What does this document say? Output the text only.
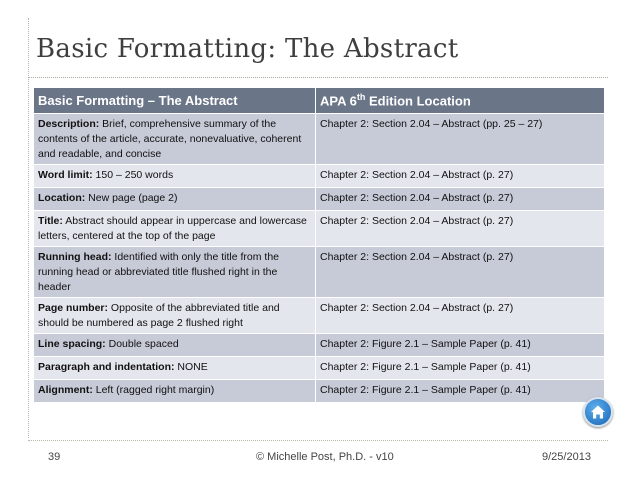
Basic Formatting: The Abstract
Basic Formatting – The Abstract	APA 6th Edition Location
Description: Brief, comprehensive summary of the contents of the article, accurate, nonevaluative, coherent and readable, and concise	Chapter 2: Section 2.04 – Abstract (pp. 25 – 27)
Word limit: 150 – 250 words	Chapter 2: Section 2.04 – Abstract (p. 27)
Location: New page (page 2)	Chapter 2: Section 2.04 – Abstract (p. 27)
Title: Abstract should appear in uppercase and lowercase letters, centered at the top of the page	Chapter 2: Section 2.04 – Abstract (p. 27)
Running head: Identified with only the title from the running head or abbreviated title flushed right in the header	Chapter 2: Section 2.04 – Abstract (p. 27)
Page number: Opposite of the abbreviated title and should be numbered as page 2 flushed right	Chapter 2: Section 2.04 – Abstract (p. 27)
Line spacing: Double spaced	Chapter 2: Figure 2.1 – Sample Paper (p. 41)
Paragraph and indentation: NONE	Chapter 2: Figure 2.1 – Sample Paper (p. 41)
Alignment: Left (ragged right margin)	Chapter 2: Figure 2.1 – Sample Paper (p. 41)
39	© Michelle Post, Ph.D. - v10	9/25/2013
